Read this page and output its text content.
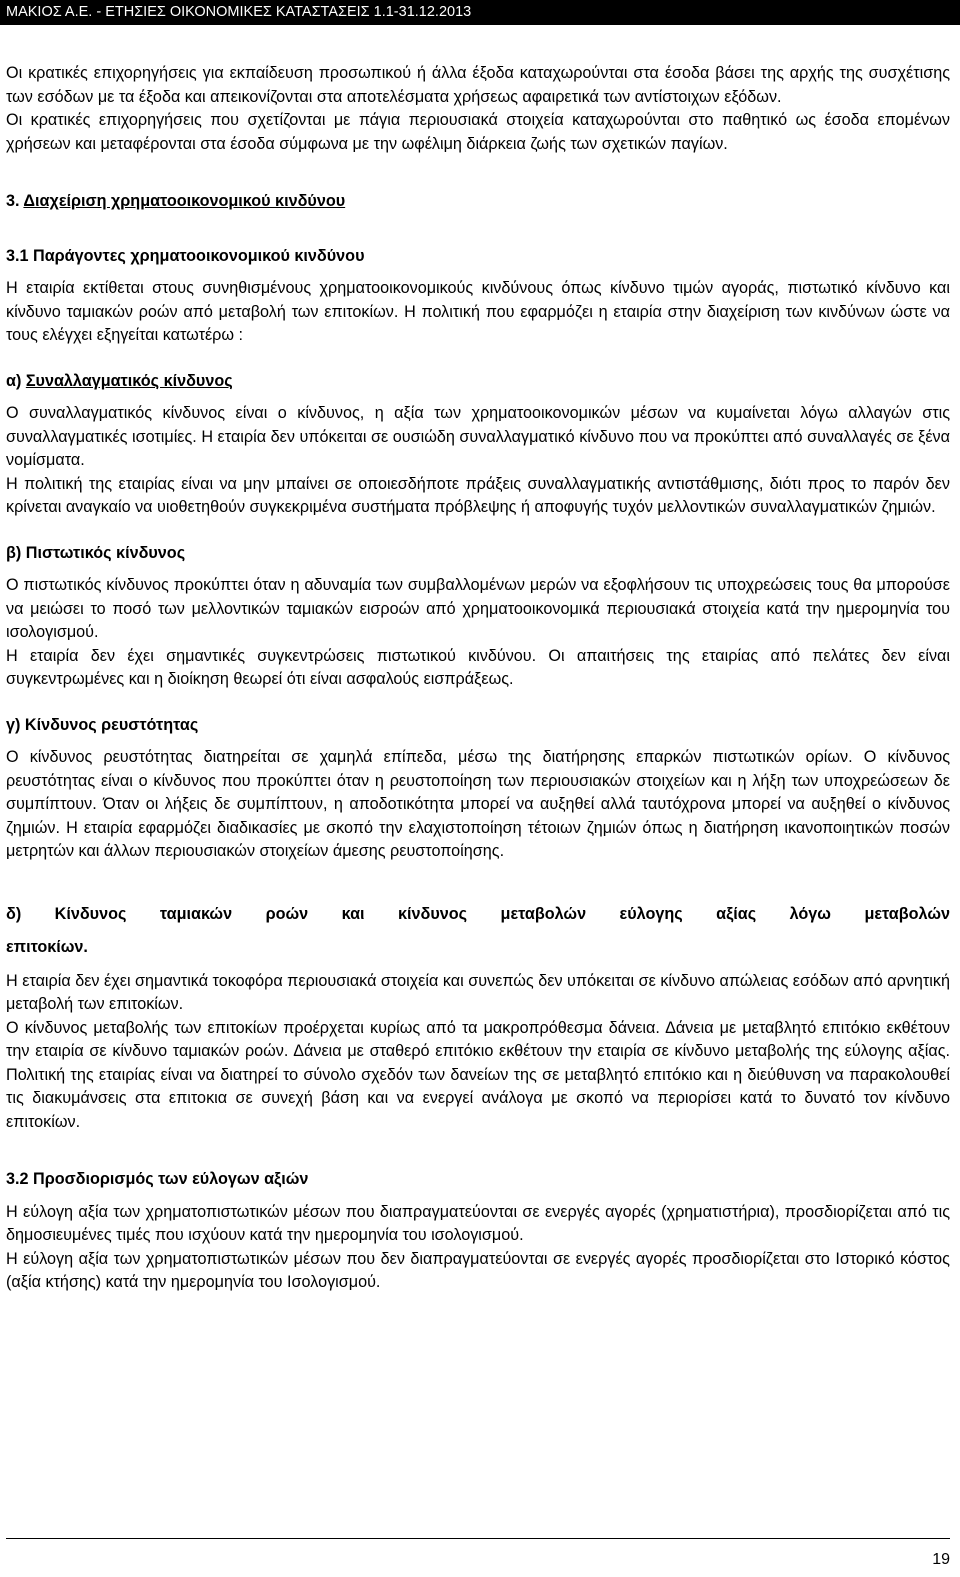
ΜΑΚΙΟΣ Α.Ε. - ΕΤΗΣΙΕΣ ΟΙΚΟΝΟΜΙΚΕΣ ΚΑΤΑΣΤΑΣΕΙΣ 1.1-31.12.2013

Οι κρατικές επιχορηγήσεις για εκπαίδευση προσωπικού ή άλλα έξοδα καταχωρούνται στα έσοδα βάσει της αρχής της συσχέτισης των εσόδων με τα έξοδα και απεικονίζονται στα αποτελέσματα χρήσεως αφαιρετικά των αντίστοιχων εξόδων.

Οι κρατικές επιχορηγήσεις που σχετίζονται με πάγια περιουσιακά στοιχεία καταχωρούνται στο παθητικό ως έσοδα επομένων χρήσεων και μεταφέρονται στα έσοδα σύμφωνα με την ωφέλιμη διάρκεια ζωής των σχετικών παγίων.

3. Διαχείριση χρηματοοικονομικού κινδύνου
3.1 Παράγοντες χρηματοοικονομικού κινδύνου

Η εταιρία εκτίθεται στους συνηθισμένους χρηματοοικονομικούς κινδύνους όπως κίνδυνο τιμών αγοράς, πιστωτικό κίνδυνο και κίνδυνο ταμιακών ροών από μεταβολή των επιτοκίων. Η πολιτική που εφαρμόζει η εταιρία στην διαχείριση των κινδύνων ώστε να τους ελέγχει εξηγείται κατωτέρω :

α) Συναλλαγματικός κίνδυνος

Ο συναλλαγματικός κίνδυνος είναι ο κίνδυνος, η αξία των χρηματοοικονομικών μέσων να κυμαίνεται λόγω αλλαγών στις συναλλαγματικές ισοτιμίες. Η εταιρία δεν υπόκειται σε ουσιώδη συναλλαγματικό κίνδυνο που να προκύπτει από συναλλαγές σε ξένα νομίσματα.

Η πολιτική της εταιρίας είναι να μην μπαίνει σε οποιεσδήποτε πράξεις συναλλαγματικής αντιστάθμισης, διότι προς το παρόν δεν κρίνεται αναγκαίο να υιοθετηθούν συγκεκριμένα συστήματα πρόβλεψης ή αποφυγής τυχόν μελλοντικών συναλλαγματικών ζημιών.

β) Πιστωτικός κίνδυνος

Ο πιστωτικός κίνδυνος προκύπτει όταν η αδυναμία των συμβαλλομένων μερών να εξοφλήσουν τις υποχρεώσεις τους θα μπορούσε να μειώσει το ποσό των μελλοντικών ταμιακών εισροών από χρηματοοικονομικά περιουσιακά στοιχεία κατά την ημερομηνία του ισολογισμού.

Η εταιρία δεν έχει σημαντικές συγκεντρώσεις πιστωτικού κινδύνου. Οι απαιτήσεις της εταιρίας από πελάτες δεν είναι συγκεντρωμένες και η διοίκηση θεωρεί ότι είναι ασφαλούς εισπράξεως.

γ) Κίνδυνος ρευστότητας

Ο κίνδυνος ρευστότητας διατηρείται σε χαμηλά επίπεδα, μέσω της διατήρησης επαρκών πιστωτικών ορίων. Ο κίνδυνος ρευστότητας είναι ο κίνδυνος που προκύπτει όταν η ρευστοποίηση των περιουσιακών στοιχείων και η λήξη των υποχρεώσεων δε συμπίπτουν. Όταν οι λήξεις δε συμπίπτουν, η αποδοτικότητα μπορεί να αυξηθεί αλλά ταυτόχρονα μπορεί να αυξηθεί ο κίνδυνος ζημιών. Η εταιρία εφαρμόζει διαδικασίες με σκοπό την ελαχιστοποίηση τέτοιων ζημιών όπως η διατήρηση ικανοποιητικών ποσών μετρητών και άλλων περιουσιακών στοιχείων άμεσης ρευστοποίησης.

δ) Κίνδυνος ταμιακών ροών και κίνδυνος μεταβολών εύλογης αξίας λόγω μεταβολών
επιτοκίων.

Η εταιρία δεν έχει σημαντικά τοκοφόρα περιουσιακά στοιχεία και συνεπώς δεν υπόκειται σε κίνδυνο απώλειας εσόδων από αρνητική μεταβολή των επιτοκίων.

Ο κίνδυνος μεταβολής των επιτοκίων προέρχεται κυρίως από τα μακροπρόθεσμα δάνεια. Δάνεια με μεταβλητό επιτόκιο εκθέτουν την εταιρία σε κίνδυνο ταμιακών ροών. Δάνεια με σταθερό επιτόκιο εκθέτουν την εταιρία σε κίνδυνο μεταβολής της εύλογης αξίας. Πολιτική της εταιρίας είναι να διατηρεί το σύνολο σχεδόν των δανείων της σε μεταβλητό επιτόκιο και η διεύθυνση να παρακολουθεί τις διακυμάνσεις στα επιτοκια σε συνεχή βάση και να ενεργεί ανάλογα με σκοπό να περιορίσει κατά το δυνατό τον κίνδυνο επιτοκίων.

3.2 Προσδιορισμός των εύλογων αξιών

Η εύλογη αξία των χρηματοπιστωτικών μέσων που διαπραγματεύονται σε ενεργές αγορές (χρηματιστήρια), προσδιορίζεται από τις δημοσιευμένες τιμές που ισχύουν κατά την ημερομηνία του ισολογισμού.

Η εύλογη αξία των χρηματοπιστωτικών μέσων που δεν διαπραγματεύονται σε ενεργές αγορές προσδιορίζεται στο Ιστορικό κόστος (αξία κτήσης) κατά την ημερομηνία του Ισολογισμού.

19
